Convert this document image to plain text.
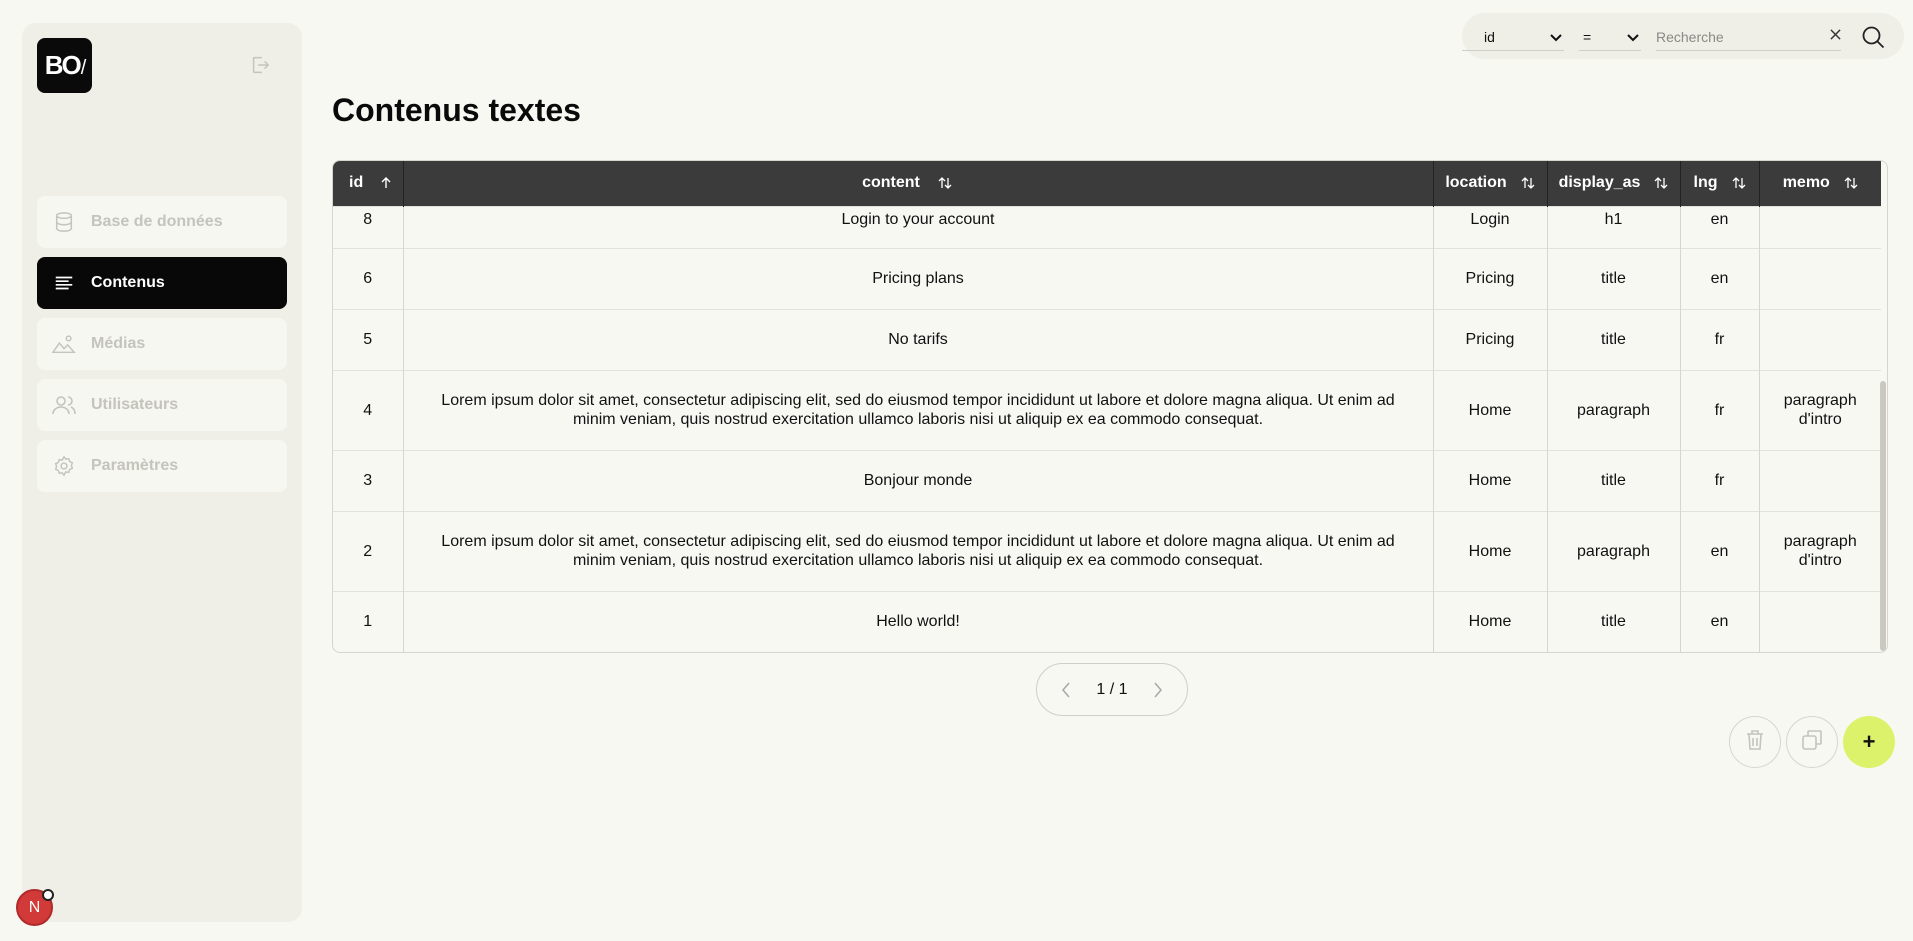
BO /
Base de données
Contenus
Médias
Utilisateurs
Paramètres
N
id	=
Recherche
Contenus textes
id	content	location	display_as	lng	memo

8	Login to your account	Login	h1	en	
6	Pricing plans	Pricing	title	en	
5	No tarifs	Pricing	title	fr	
4	Lorem ipsum dolor sit amet, consectetur adipiscing elit, sed do eiusmod tempor incididunt ut labore et dolore magna aliqua. Ut enim ad minim veniam, quis nostrud exercitation ullamco laboris nisi ut aliquip ex ea commodo consequat.	Home	paragraph	fr	paragraph d'intro
3	Bonjour monde	Home	title	fr	
2	Lorem ipsum dolor sit amet, consectetur adipiscing elit, sed do eiusmod tempor incididunt ut labore et dolore magna aliqua. Ut enim ad minim veniam, quis nostrud exercitation ullamco laboris nisi ut aliquip ex ea commodo consequat.	Home	paragraph	en	paragraph d'intro
1	Hello world!	Home	title	en	
1 / 1
+
